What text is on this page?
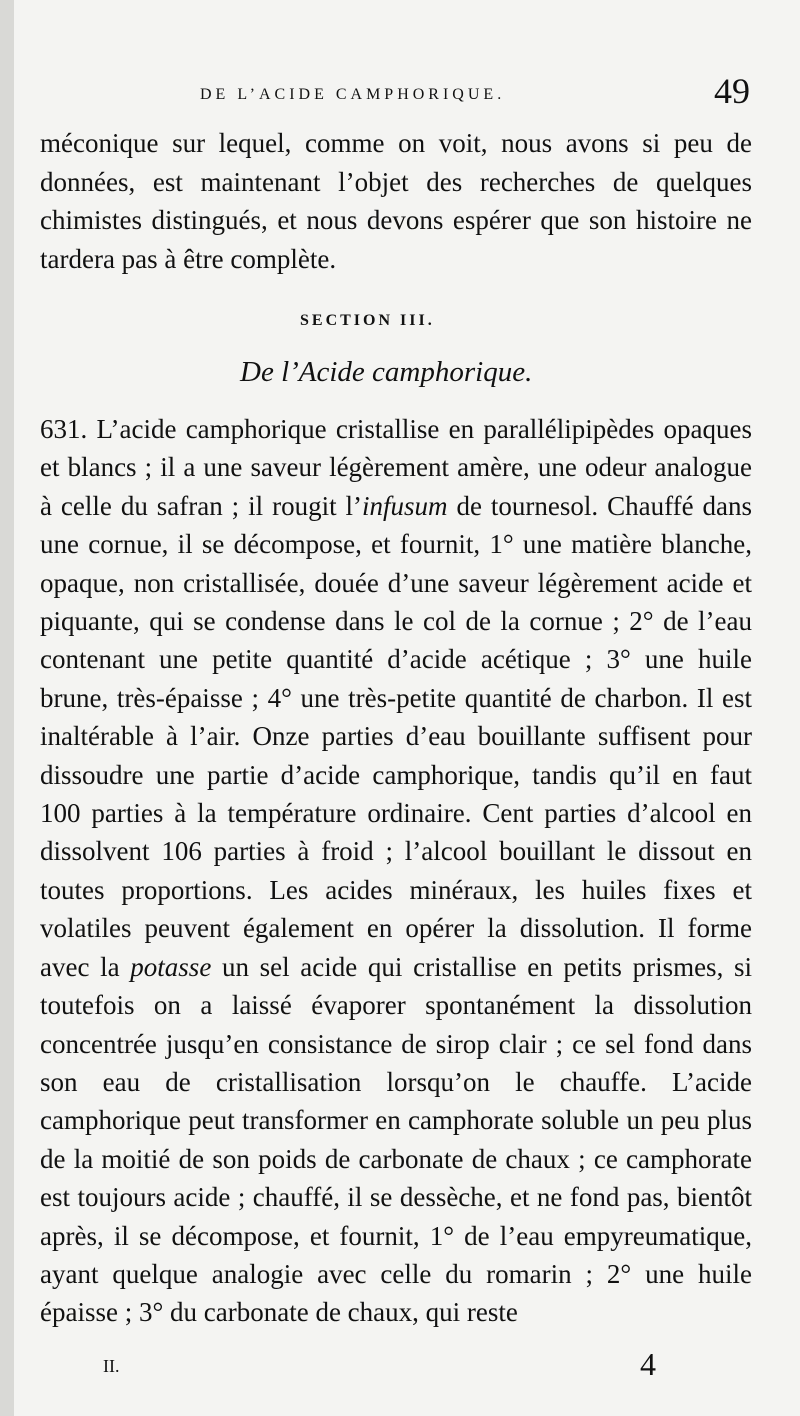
DE L’ACIDE CAMPHORIQUE.	49
méconique sur lequel, comme on voit, nous avons si peu de données, est maintenant l’objet des recherches de quelques chimistes distingués, et nous devons espérer que son histoire ne tardera pas à être complète.
SECTION III.
De l’Acide camphorique.
631. L’acide camphorique cristallise en parallélipipèdes opaques et blancs ; il a une saveur légèrement amère, une odeur analogue à celle du safran ; il rougit l’infusum de tournesol. Chauffé dans une cornue, il se décompose, et fournit, 1° une matière blanche, opaque, non cristallisée, douée d’une saveur légèrement acide et piquante, qui se condense dans le col de la cornue ; 2° de l’eau contenant une petite quantité d’acide acétique ; 3° une huile brune, très-épaisse ; 4° une très-petite quantité de charbon. Il est inaltérable à l’air. Onze parties d’eau bouillante suffisent pour dissoudre une partie d’acide camphorique, tandis qu’il en faut 100 parties à la température ordinaire. Cent parties d’alcool en dissolvent 106 parties à froid ; l’alcool bouillant le dissout en toutes proportions. Les acides minéraux, les huiles fixes et volatiles peuvent également en opérer la dissolution. Il forme avec la potasse un sel acide qui cristallise en petits prismes, si toutefois on a laissé évaporer spontanément la dissolution concentrée jusqu’en consistance de sirop clair ; ce sel fond dans son eau de cristallisation lorsqu’on le chauffe. L’acide camphorique peut transformer en camphorate soluble un peu plus de la moitié de son poids de carbonate de chaux ; ce camphorate est toujours acide ; chauffé, il se dessèche, et ne fond pas, bientôt après, il se décompose, et fournit, 1° de l’eau empyreumatique, ayant quelque analogie avec celle du romarin ; 2° une huile épaisse ; 3° du carbonate de chaux, qui reste
II.	4
